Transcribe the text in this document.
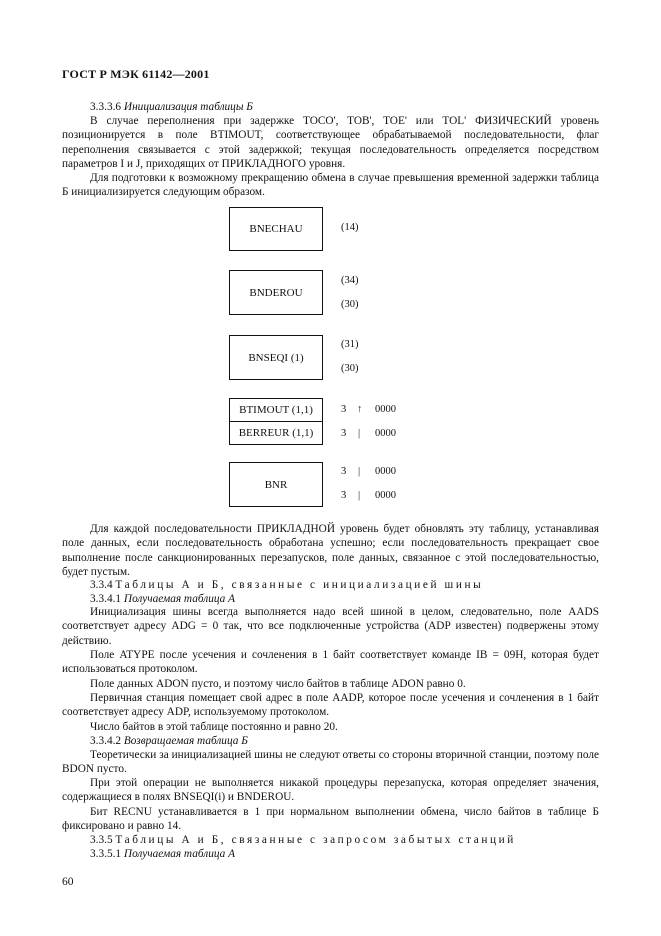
ГОСТ Р МЭК 61142—2001
3.3.3.6 Инициализация таблицы Б
В случае переполнения при задержке TOCO', TOB', TOE' или TOL' ФИЗИЧЕСКИЙ уровень позиционируется в поле BTIMOUT, соответствующее обрабатываемой последовательности, флаг переполнения связывается с этой задержкой; текущая последовательность определяется посредством параметров I и J, приходящих от ПРИКЛАДНОГО уровня.
Для подготовки к возможному прекращению обмена в случае превышения временной задержки таблица Б инициализируется следующим образом.
BNECHAU	(14)
BNDEROU
(34)
(30)
BNSEQI (1)
(31)
(30)
BTIMOUT (1,1)	3 ↑ 0000
BERREUR (1,1)	3 | 0000
BNR
3 | 0000
3 | 0000
Для каждой последовательности ПРИКЛАДНОЙ уровень будет обновлять эту таблицу, устанавливая поле данных, если последовательность обработана успешно; если последовательность прекращает свое выполнение после санкционированных перезапусков, поле данных, связанное с этой последовательностью, будет пустым.
3.3.4 Таблицы А и Б, связанные с инициализацией шины
3.3.4.1 Получаемая таблица А
Инициализация шины всегда выполняется надо всей шиной в целом, следовательно, поле AADS соответствует адресу ADG = 0 так, что все подключенные устройства (ADP известен) подвержены этому действию.
Поле ATYPE после усечения и сочленения в 1 байт соответствует команде IB = 09H, которая будет использоваться протоколом.
Поле данных ADON пусто, и поэтому число байтов в таблице ADON равно 0.
Первичная станция помещает свой адрес в поле AADP, которое после усечения и сочленения в 1 байт соответствует адресу ADP, используемому протоколом.
Число байтов в этой таблице постоянно и равно 20.
3.3.4.2 Возвращаемая таблица Б
Теоретически за инициализацией шины не следуют ответы со стороны вторичной станции, поэтому поле BDON пусто.
При этой операции не выполняется никакой процедуры перезапуска, которая определяет значения, содержащиеся в полях BNSEQI(i) и BNDEROU.
Бит RECNU устанавливается в 1 при нормальном выполнении обмена, число байтов в таблице Б фиксировано и равно 14.
3.3.5 Таблицы А и Б, связанные с запросом забытых станций
3.3.5.1 Получаемая таблица А
60
